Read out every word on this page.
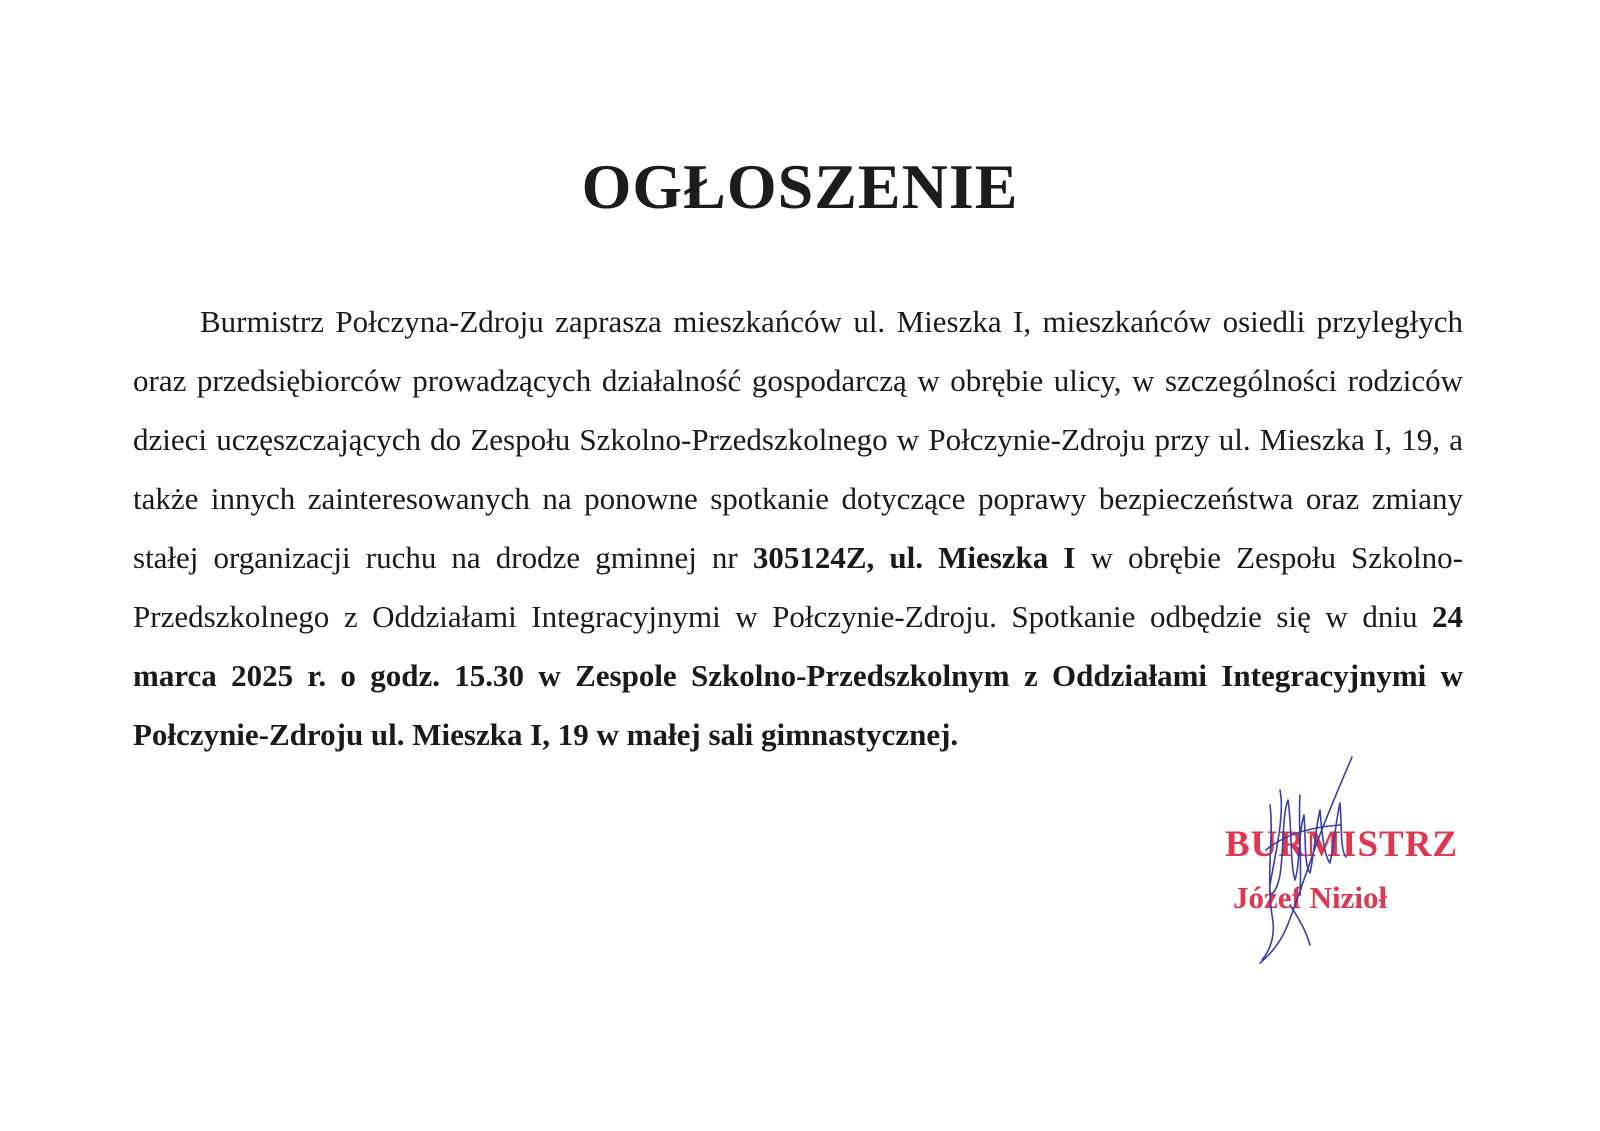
OGŁOSZENIE

Burmistrz Połczyna-Zdroju zaprasza mieszkańców ul. Mieszka I, mieszkańców osiedli przyległych oraz przedsiębiorców prowadzących działalność gospodarczą w obrębie ulicy, w szczególności rodziców dzieci uczęszczających do Zespołu Szkolno-Przedszkolnego w Połczynie-Zdroju przy ul. Mieszka I, 19, a także innych zainteresowanych na ponowne spotkanie dotyczące poprawy bezpieczeństwa oraz zmiany stałej organizacji ruchu na drodze gminnej nr 305124Z, ul. Mieszka I w obrębie Zespołu Szkolno-Przedszkolnego z Oddziałami Integracyjnymi w Połczynie-Zdroju. Spotkanie odbędzie się w dniu 24 marca 2025 r. o godz. 15.30 w Zespole Szkolno-Przedszkolnym z Oddziałami Integracyjnymi w Połczynie-Zdroju ul. Mieszka I, 19 w małej sali gimnastycznej.

BURMISTRZ
Józef Nizioł
